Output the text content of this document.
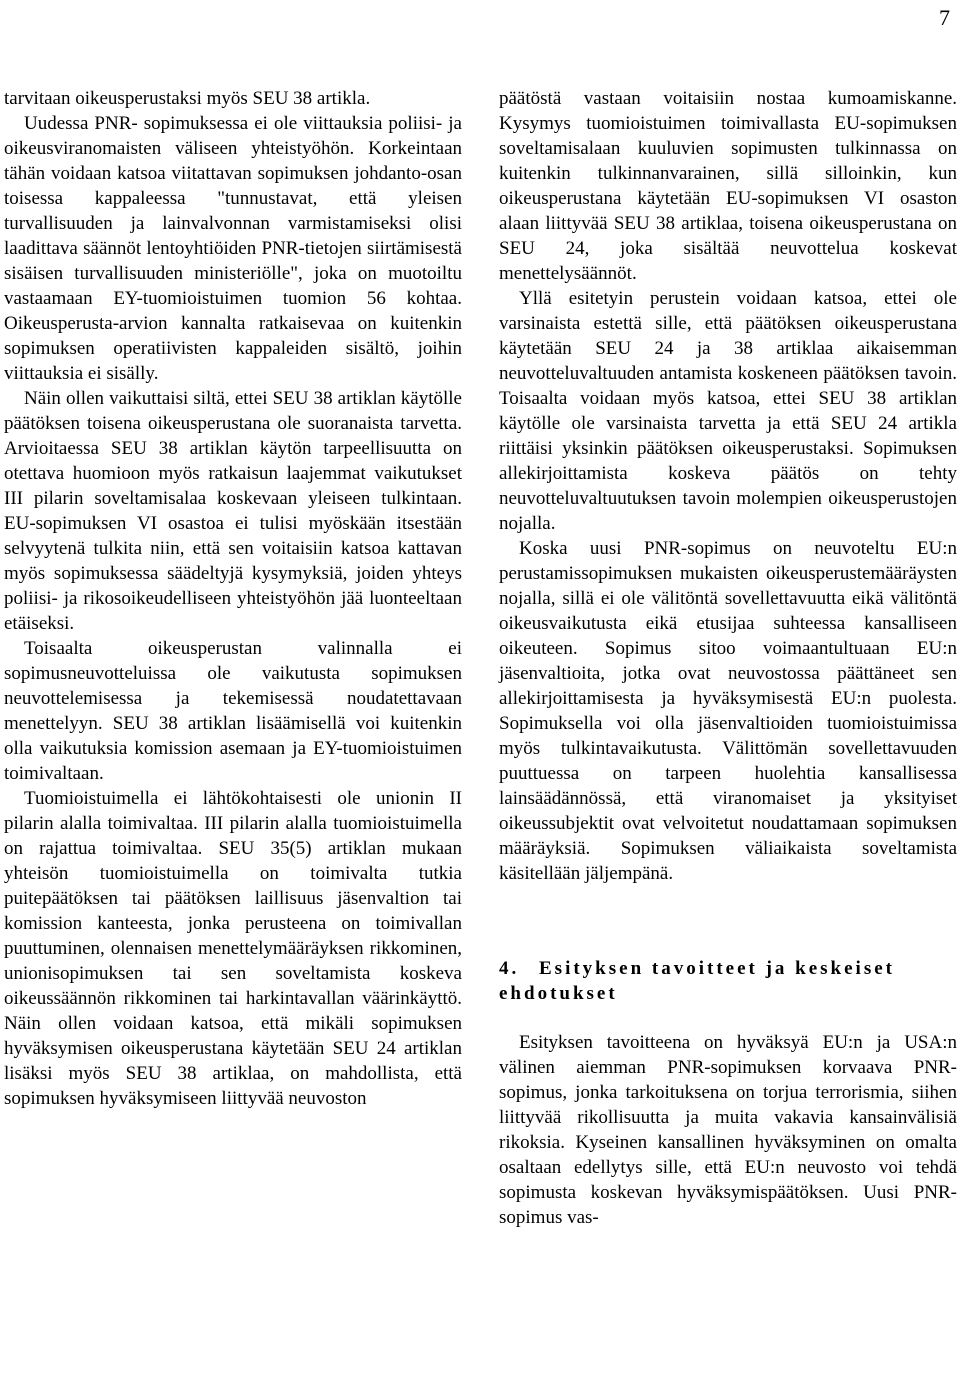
7

tarvitaan oikeusperustaksi myös SEU 38 artikla.

Uudessa PNR- sopimuksessa ei ole viittauksia poliisi- ja oikeusviranomaisten väliseen yhteistyöhön. Korkeintaan tähän voidaan katsoa viitattavan sopimuksen johdanto-osan toisessa kappaleessa "tunnustavat, että yleisen turvallisuuden ja lainvalvonnan varmistamiseksi olisi laadittava säännöt lentoyhtiöiden PNR-tietojen siirtämisestä sisäisen turvallisuuden ministeriölle", joka on muotoiltu vastaamaan EY-tuomioistuimen tuomion 56 kohtaa. Oikeusperusta-arvion kannalta ratkaisevaa on kuitenkin sopimuksen operatiivisten kappaleiden sisältö, joihin viittauksia ei sisälly.

Näin ollen vaikuttaisi siltä, ettei SEU 38 artiklan käytölle päätöksen toisena oikeusperustana ole suoranaista tarvetta. Arvioitaessa SEU 38 artiklan käytön tarpeellisuutta on otettava huomioon myös ratkaisun laajemmat vaikutukset III pilarin soveltamisalaa koskevaan yleiseen tulkintaan. EU-sopimuksen VI osastoa ei tulisi myöskään itsestään selvyytenä tulkita niin, että sen voitaisiin katsoa kattavan myös sopimuksessa säädeltyjä kysymyksiä, joiden yhteys poliisi- ja rikosoikeudelliseen yhteistyöhön jää luonteeltaan etäiseksi.

Toisaalta oikeusperustan valinnalla ei sopimusneuvotteluissa ole vaikutusta sopimuksen neuvottelemisessa ja tekemisessä noudatettavaan menettelyyn. SEU 38 artiklan lisäämisellä voi kuitenkin olla vaikutuksia komission asemaan ja EY-tuomioistuimen toimivaltaan.

Tuomioistuimella ei lähtökohtaisesti ole unionin II pilarin alalla toimivaltaa. III pilarin alalla tuomioistuimella on rajattua toimivaltaa. SEU 35(5) artiklan mukaan yhteisön tuomioistuimella on toimivalta tutkia puitepäätöksen tai päätöksen laillisuus jäsenvaltion tai komission kanteesta, jonka perusteena on toimivallan puuttuminen, olennaisen menettelymääräyksen rikkominen, unionisopimuksen tai sen soveltamista koskeva oikeussäännön rikkominen tai harkintavallan väärinkäyttö. Näin ollen voidaan katsoa, että mikäli sopimuksen hyväksymisen oikeusperustana käytetään SEU 24 artiklan lisäksi myös SEU 38 artiklaa, on mahdollista, että sopimuksen hyväksymiseen liittyvää neuvoston

päätöstä vastaan voitaisiin nostaa kumoamiskanne. Kysymys tuomioistuimen toimivallasta EU-sopimuksen soveltamisalaan kuuluvien sopimusten tulkinnassa on kuitenkin tulkinnanvarainen, sillä silloinkin, kun oikeusperustana käytetään EU-sopimuksen VI osaston alaan liittyvää SEU 38 artiklaa, toisena oikeusperustana on SEU 24, joka sisältää neuvottelua koskevat menettelysäännöt.

Yllä esitetyin perustein voidaan katsoa, ettei ole varsinaista estettä sille, että päätöksen oikeusperustana käytetään SEU 24 ja 38 artiklaa aikaisemman neuvotteluvaltuuden antamista koskeneen päätöksen tavoin. Toisaalta voidaan myös katsoa, ettei SEU 38 artiklan käytölle ole varsinaista tarvetta ja että SEU 24 artikla riittäisi yksinkin päätöksen oikeusperustaksi. Sopimuksen allekirjoittamista koskeva päätös on tehty neuvotteluvaltuutuksen tavoin molempien oikeusperustojen nojalla.

Koska uusi PNR-sopimus on neuvoteltu EU:n perustamissopimuksen mukaisten oikeusperustemääräysten nojalla, sillä ei ole välitöntä sovellettavuutta eikä välitöntä oikeusvaikutusta eikä etusijaa suhteessa kansalliseen oikeuteen. Sopimus sitoo voimaantultuaan EU:n jäsenvaltioita, jotka ovat neuvostossa päättäneet sen allekirjoittamisesta ja hyväksymisestä EU:n puolesta. Sopimuksella voi olla jäsenvaltioiden tuomioistuimissa myös tulkintavaikutusta. Välittömän sovellettavuuden puuttuessa on tarpeen huolehtia kansallisessa lainsäädännössä, että viranomaiset ja yksityiset oikeussubjektit ovat velvoitetut noudattamaan sopimuksen määräyksiä. Sopimuksen väliaikaista soveltamista käsitellään jäljempänä.

4. Esityksen tavoitteet ja keskeiset ehdotukset

Esityksen tavoitteena on hyväksyä EU:n ja USA:n välinen aiemman PNR-sopimuksen korvaava PNR-sopimus, jonka tarkoituksena on torjua terrorismia, siihen liittyvää rikollisuutta ja muita vakavia kansainvälisiä rikoksia. Kyseinen kansallinen hyväksyminen on omalta osaltaan edellytys sille, että EU:n neuvosto voi tehdä sopimusta koskevan hyväksymispäätöksen. Uusi PNR-sopimus vas-
